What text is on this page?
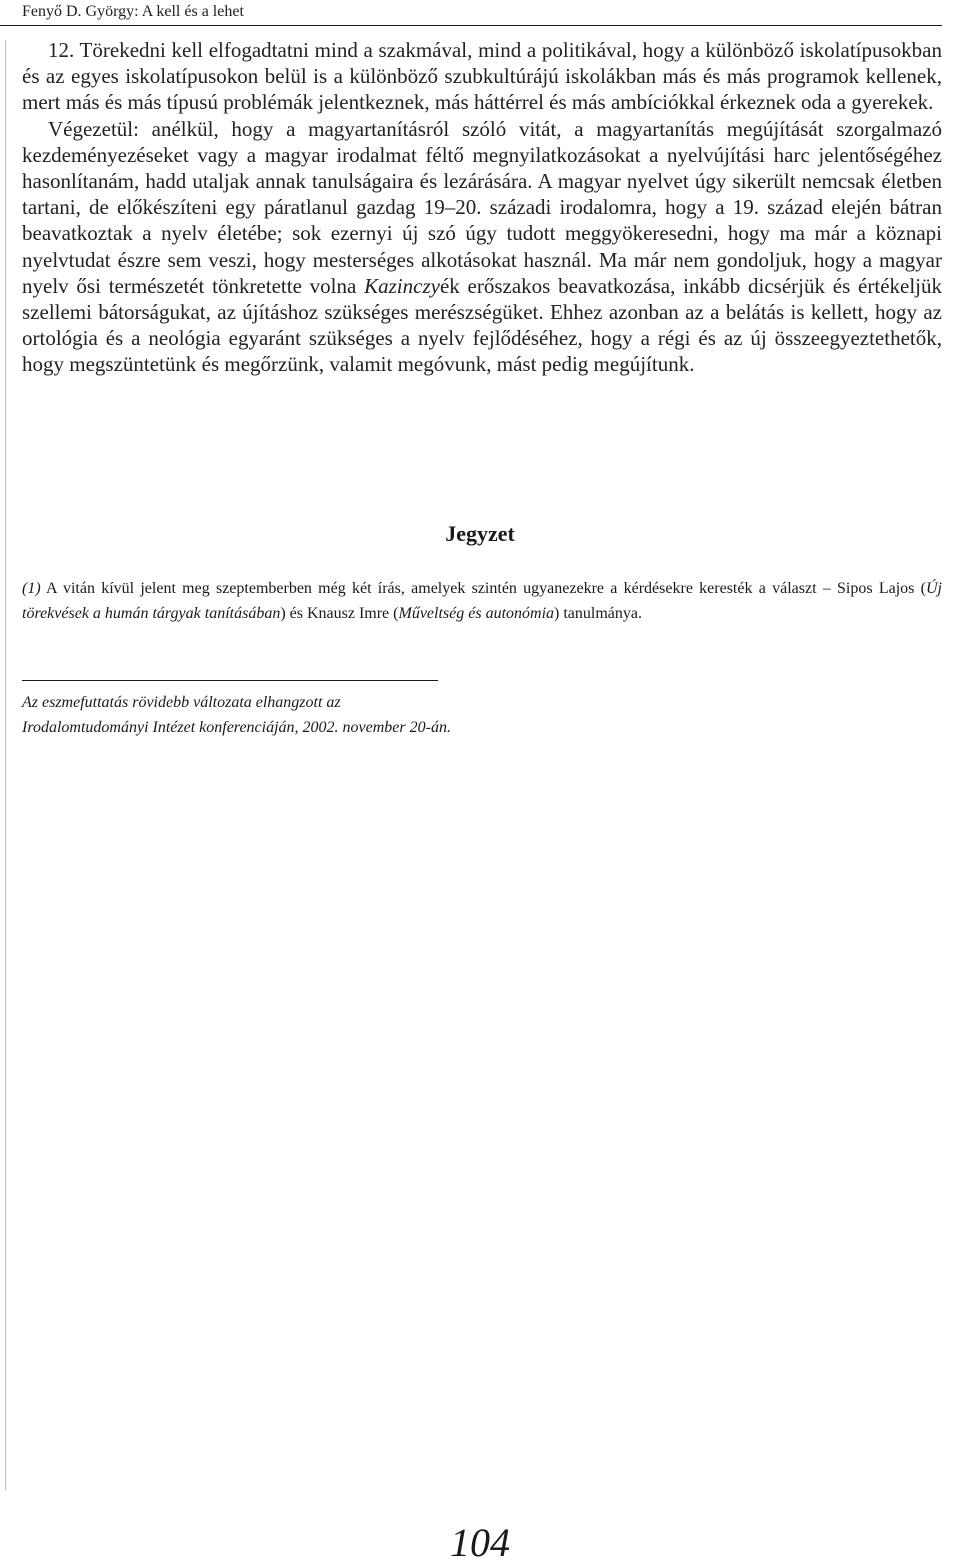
Fenyő D. György: A kell és a lehet

12. Törekedni kell elfogadtatni mind a szakmával, mind a politikával, hogy a különböző iskolatípusokban és az egyes iskolatípusokon belül is a különböző szubkultúrájú iskolákban más és más programok kellenek, mert más és más típusú problémák jelentkeznek, más háttérrel és más ambíciókkal érkeznek oda a gyerekek.

Végezetül: anélkül, hogy a magyartanításról szóló vitát, a magyartanítás megújítását szorgalmazó kezdeményezéseket vagy a magyar irodalmat féltő megnyilatkozásokat a nyelvújítási harc jelentőségéhez hasonlítanám, hadd utaljak annak tanulságaira és lezárására. A magyar nyelvet úgy sikerült nemcsak életben tartani, de előkészíteni egy páratlanul gazdag 19–20. századi irodalomra, hogy a 19. század elején bátran beavatkoztak a nyelv életébe; sok ezernyi új szó úgy tudott meggyökeresedni, hogy ma már a köznapi nyelvtudat észre sem veszi, hogy mesterséges alkotásokat használ. Ma már nem gondoljuk, hogy a magyar nyelv ősi természetét tönkretette volna Kazinczyék erőszakos beavatkozása, inkább dicsérjük és értékeljük szellemi bátorságukat, az újításhoz szükséges merészségüket. Ehhez azonban az a belátás is kellett, hogy az ortológia és a neológia egyaránt szükséges a nyelv fejlődéséhez, hogy a régi és az új összeegyeztethetők, hogy megszüntetünk és megőrzünk, valamit megóvunk, mást pedig megújítunk.

Jegyzet
(1) A vitán kívül jelent meg szeptemberben még két írás, amelyek szintén ugyanezekre a kérdésekre keresték a választ – Sipos Lajos (Új törekvések a humán tárgyak tanításában) és Knausz Imre (Műveltség és autonómia) tanulmánya.
Az eszmefuttatás rövidebb változata elhangzott az Irodalomtudományi Intézet konferenciáján, 2002. november 20-án.
104
